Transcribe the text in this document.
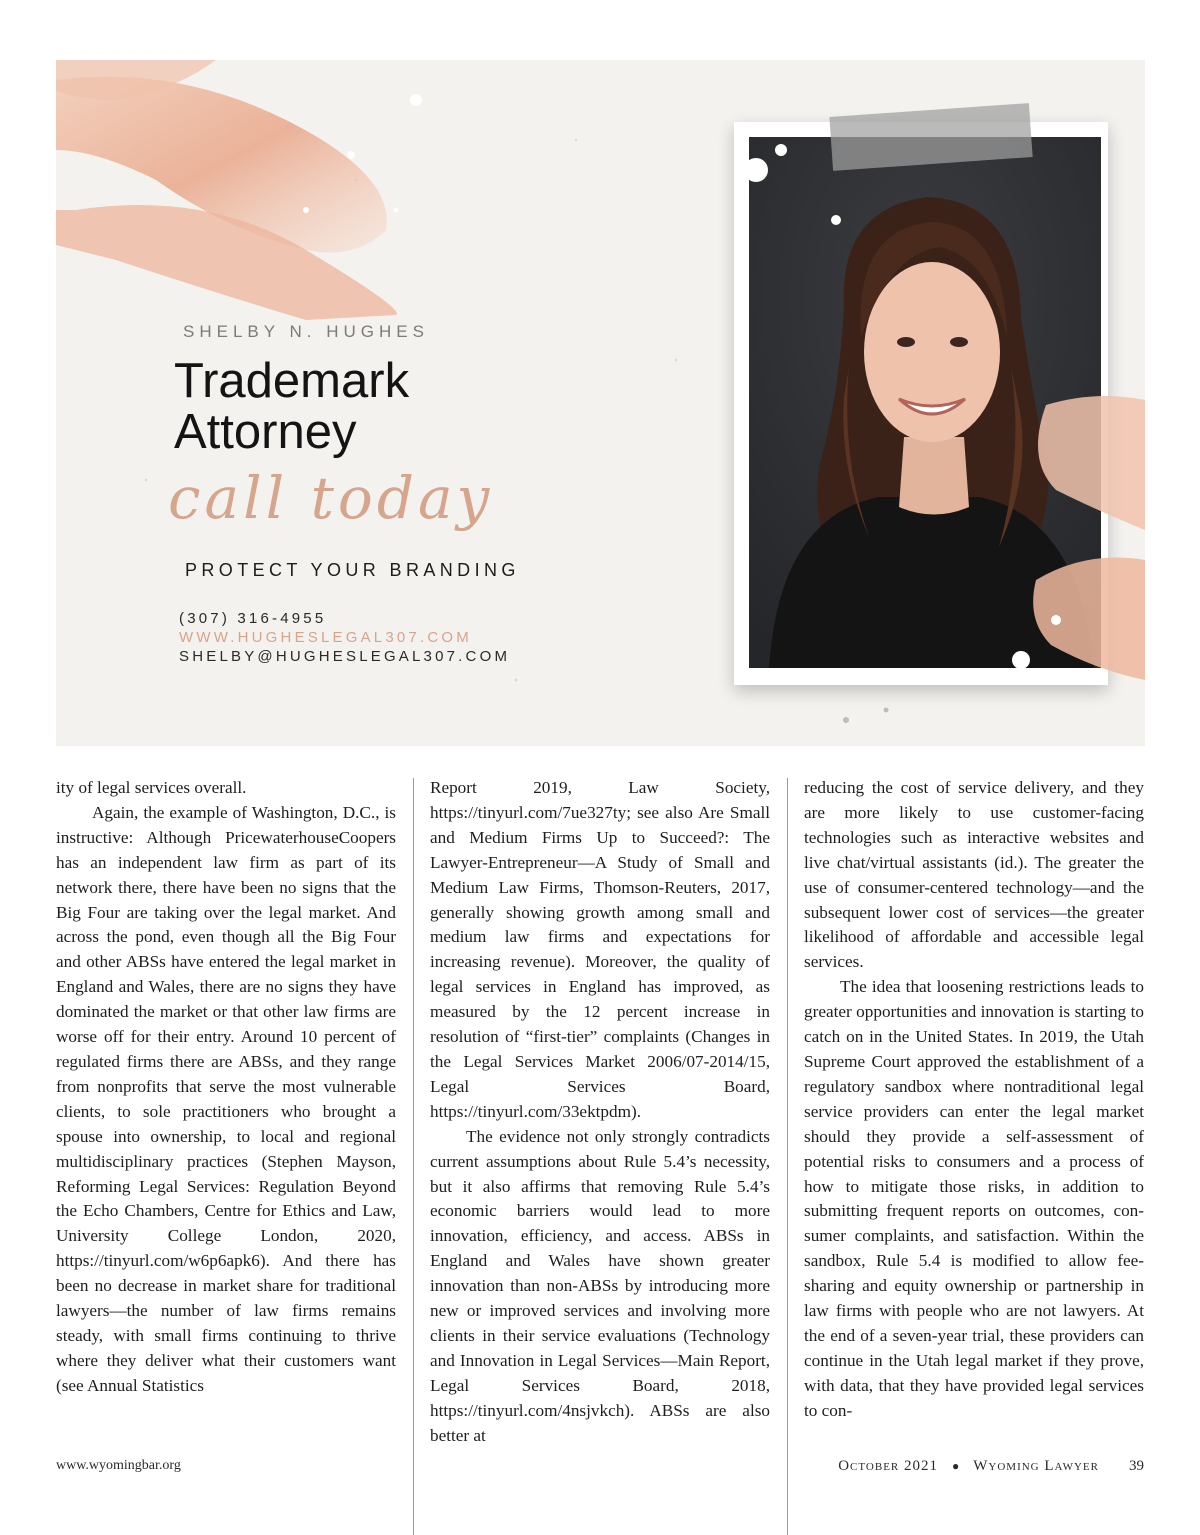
SHELBY N. HUGHES
Trademark
Attorney
call today
PROTECT YOUR BRANDING
(307) 316-4955
WWW.HUGHESLEGAL307.COM
SHELBY@HUGHESLEGAL307.COM

ity of legal services overall.

Again, the example of Washington, D.C., is instructive: Although PricewaterhouseCoopers has an independent law firm as part of its network there, there have been no signs that the Big Four are taking over the legal market. And across the pond, even though all the Big Four and other ABSs have entered the legal market in England and Wales, there are no signs they have dominated the market or that other law firms are worse off for their entry. Around 10 percent of regulated firms there are ABSs, and they range from nonprofits that serve the most vulnerable clients, to sole practitioners who brought a spouse into ownership, to local and regional multidisciplinary practices (Stephen Mayson, Reforming Legal Services: Regulation Beyond the Echo Chambers, Centre for Ethics and Law, University College London, 2020, https://tinyurl.com/w6p6apk6). And there has been no decrease in market share for traditional lawyers—the number of law firms remains steady, with small firms continuing to thrive where they deliver what their customers want (see Annual Statistics

Report 2019, Law Society, https://tinyurl.com/7ue327ty; see also Are Small and Medium Firms Up to Succeed?: The Lawyer-Entrepreneur—A Study of Small and Medium Law Firms, Thomson-Reuters, 2017, generally showing growth among small and medium law firms and expectations for increasing revenue). Moreover, the quality of legal services in England has improved, as measured by the 12 percent increase in resolution of “first-tier” complaints (Changes in the Legal Services Market 2006/07-2014/15, Legal Services Board, https://tinyurl.com/33ektpdm).

The evidence not only strongly contradicts current assumptions about Rule 5.4’s necessity, but it also affirms that removing Rule 5.4’s economic barriers would lead to more innovation, efficiency, and access. ABSs in England and Wales have shown greater innovation than non-ABSs by introducing more new or improved services and involving more clients in their service evaluations (Technology and Innovation in Legal Services—Main Report, Legal Services Board, 2018, https://tinyurl.com/4nsjvkch). ABSs are also better at

reducing the cost of service delivery, and they are more likely to use customer-facing technologies such as interactive websites and live chat/virtual assistants (id.). The greater the use of consumer-centered technology—and the subsequent lower cost of services—the greater likelihood of affordable and accessible legal services.

The idea that loosening restrictions leads to greater opportunities and innovation is starting to catch on in the United States. In 2019, the Utah Supreme Court approved the establishment of a regulatory sandbox where nontraditional legal service providers can enter the legal market should they provide a self-assessment of potential risks to consumers and a process of how to mitigate those risks, in addition to submitting frequent reports on outcomes, consumer complaints, and satisfaction. Within the sandbox, Rule 5.4 is modified to allow fee-sharing and equity ownership or partnership in law firms with people who are not lawyers. At the end of a seven-year trial, these providers can continue in the Utah legal market if they prove, with data, that they have provided legal services to con-

www.wyomingbar.org	October 2021 ● Wyoming Lawyer 39
